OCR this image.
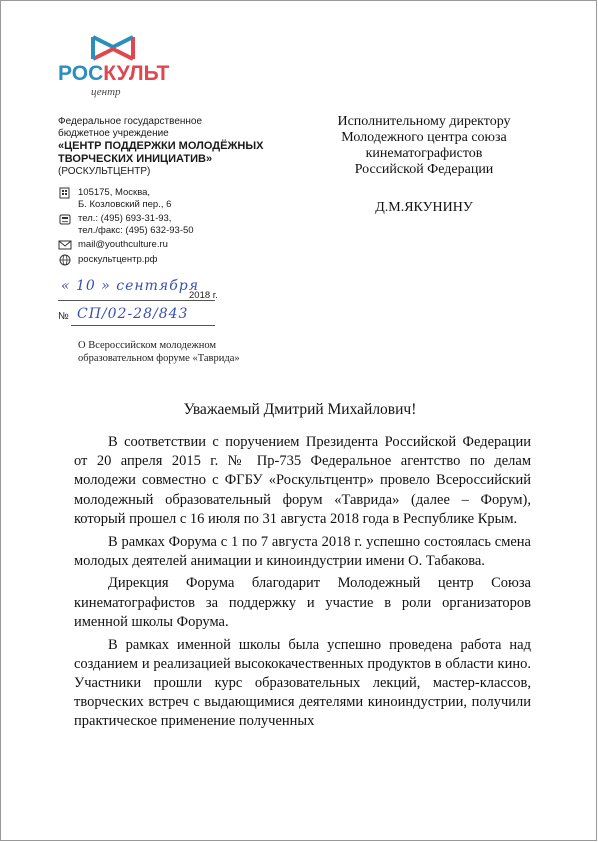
РОСКУЛЬТ
центр
Федеральное государственное
бюджетное учреждение
«ЦЕНТР ПОДДЕРЖКИ МОЛОДЁЖНЫХ
ТВОРЧЕСКИХ ИНИЦИАТИВ»
(РОСКУЛЬТЦЕНТР)
105175, Москва,
Б. Козловский пер., 6
тел.: (495) 693-31-93,
тел./факс: (495) 632-93-50
mail@youthculture.ru
роскультцентр.рф
Исполнительному директору
Молодежного центра союза
кинематографистов
Российской Федерации
Д.М.ЯКУНИНУ
« 10 » сентября
2018 г.
№ СП/02-28/843
О Всероссийском молодежном
образовательном форуме «Таврида»
Уважаемый Дмитрий Михайлович!

В соответствии с поручением Президента Российской Федерации от 20 апреля 2015 г. № Пр-735 Федеральное агентство по делам молодежи совместно с ФГБУ «Роскультцентр» провело Всероссийский молодежный образовательный форум «Таврида» (далее – Форум), который прошел с 16 июля по 31 августа 2018 года в Республике Крым.

В рамках Форума с 1 по 7 августа 2018 г. успешно состоялась смена молодых деятелей анимации и киноиндустрии имени О. Табакова.

Дирекция Форума благодарит Молодежный центр Союза кинематографистов за поддержку и участие в роли организаторов именной школы Форума.

В рамках именной школы была успешно проведена работа над созданием и реализацией высококачественных продуктов в области кино. Участники прошли курс образовательных лекций, мастер-классов, творческих встреч с выдающимися деятелями киноиндустрии, получили практическое применение полученных
